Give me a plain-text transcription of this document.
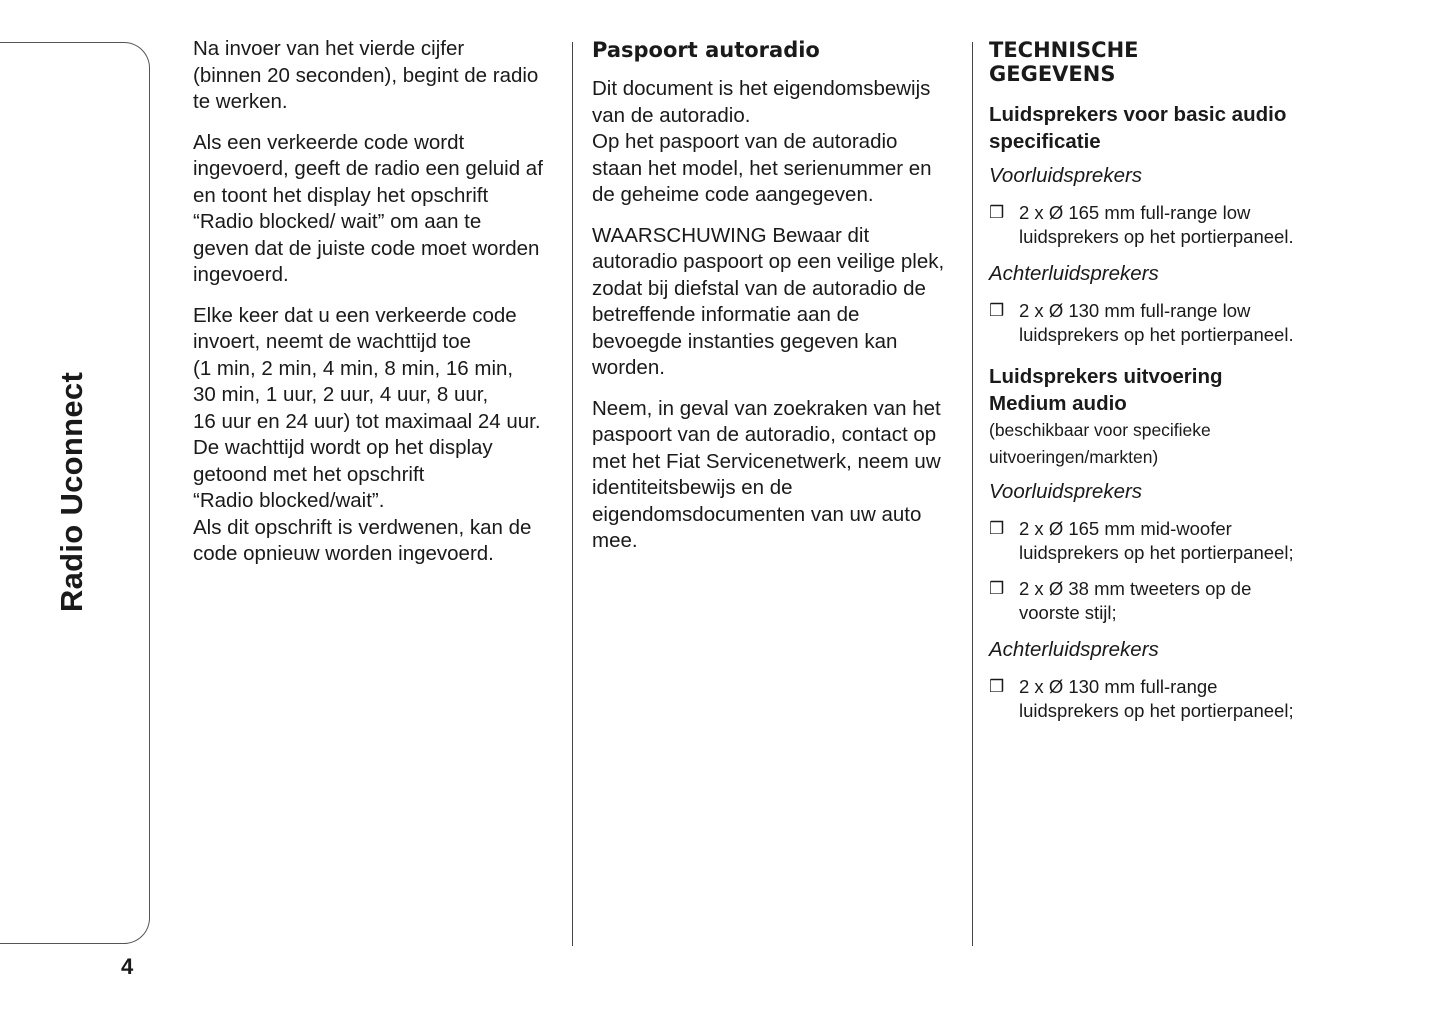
Radio Uconnect
4

Na invoer van het vierde cijfer
(binnen 20 seconden), begint de radio
te werken.

Als een verkeerde code wordt
ingevoerd, geeft de radio een geluid af
en toont het display het opschrift
“Radio blocked/ wait” om aan te
geven dat de juiste code moet worden
ingevoerd.

Elke keer dat u een verkeerde code
invoert, neemt de wachttijd toe
(1 min, 2 min, 4 min, 8 min, 16 min,
30 min, 1 uur, 2 uur, 4 uur, 8 uur,
16 uur en 24 uur) tot maximaal 24 uur.
De wachttijd wordt op het display
getoond met het opschrift
“Radio blocked/wait”.
Als dit opschrift is verdwenen, kan de
code opnieuw worden ingevoerd.

Paspoort autoradio

Dit document is het eigendomsbewijs
van de autoradio.
Op het paspoort van de autoradio
staan het model, het serienummer en
de geheime code aangegeven.

WAARSCHUWING Bewaar dit
autoradio paspoort op een veilige plek,
zodat bij diefstal van de autoradio de
betreffende informatie aan de
bevoegde instanties gegeven kan
worden.

Neem, in geval van zoekraken van het
paspoort van de autoradio, contact op
met het Fiat Servicenetwerk, neem uw
identiteitsbewijs en de
eigendomsdocumenten van uw auto
mee.

TECHNISCHE
GEGEVENS
Luidsprekers voor basic audio
specificatie
Voorluidsprekers
❒ 2 x Ø 165 mm full-range low
luidsprekers op het portierpaneel.
Achterluidsprekers
❒ 2 x Ø 130 mm full-range low
luidsprekers op het portierpaneel.
Luidsprekers uitvoering
Medium audio
(beschikbaar voor specifieke
uitvoeringen/markten)
Voorluidsprekers
❒ 2 x Ø 165 mm mid-woofer
luidsprekers op het portierpaneel;
❒ 2 x Ø 38 mm tweeters op de
voorste stijl;
Achterluidsprekers
❒ 2 x Ø 130 mm full-range
luidsprekers op het portierpaneel;
